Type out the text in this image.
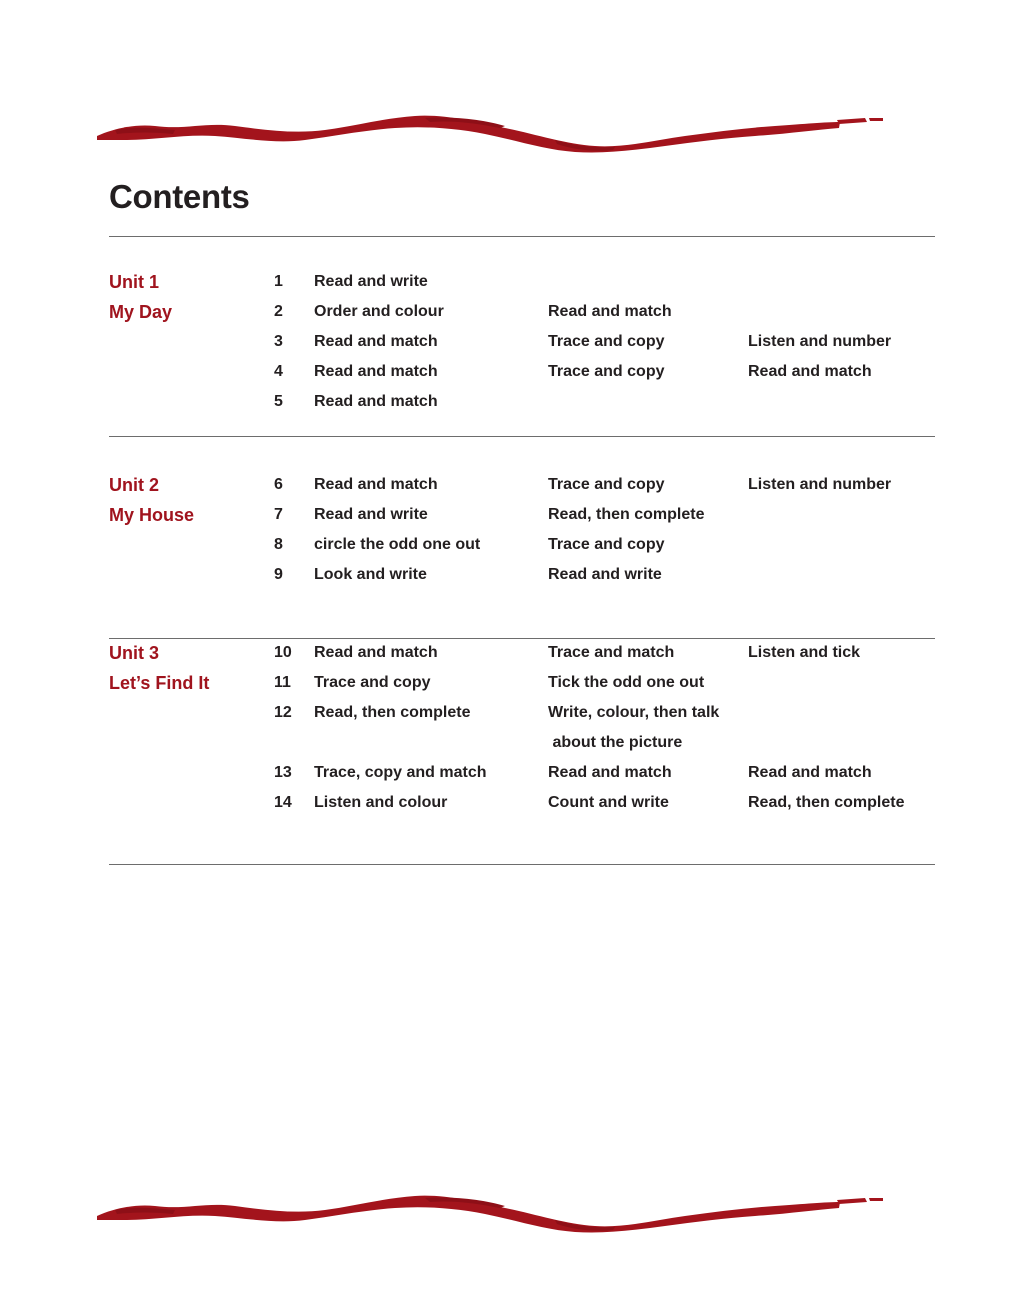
Contents
Unit 1
My Day
1 Read and write
2 Order and colour	Read and match
3 Read and match	Trace and copy	Listen and number
4 Read and match	Trace and copy	Read and match
5 Read and match
Unit 2
My House
6 Read and match	Trace and copy	Listen and number
7 Read and write	Read, then complete
8 circle the odd one out	Trace and copy
9 Look and write	Read and write
Unit 3
Let’s Find It
10 Read and match	Trace and match	Listen and tick
11 Trace and copy	Tick the odd one out
12 Read, then complete	Write, colour, then talk
about the picture
13 Trace, copy and match	Read and match	Read and match
14 Listen and colour	Count and write	Read, then complete
